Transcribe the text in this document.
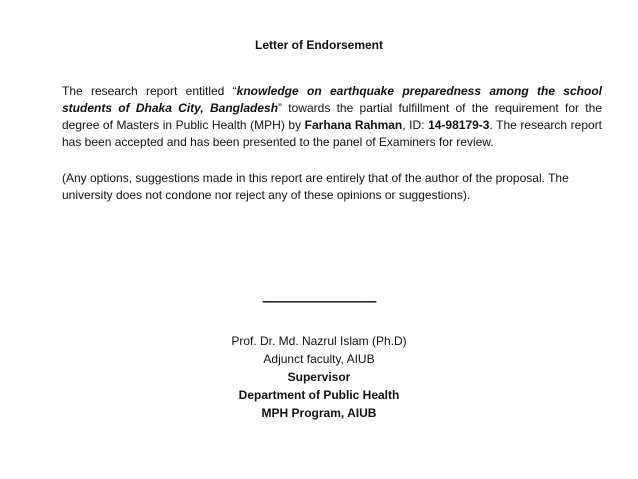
Letter of Endorsement

The research report entitled “knowledge on earthquake preparedness among the school students of Dhaka City, Bangladesh” towards the partial fulfillment of the requirement for the degree of Masters in Public Health (MPH) by Farhana Rahman, ID: 14-98179-3. The research report has been accepted and has been presented to the panel of Examiners for review.

(Any options, suggestions made in this report are entirely that of the author of the proposal. The university does not condone nor reject any of these opinions or suggestions).

--------------------------------------
Prof. Dr. Md. Nazrul Islam (Ph.D)
Adjunct faculty, AIUB
Supervisor
Department of Public Health
MPH Program, AIUB
